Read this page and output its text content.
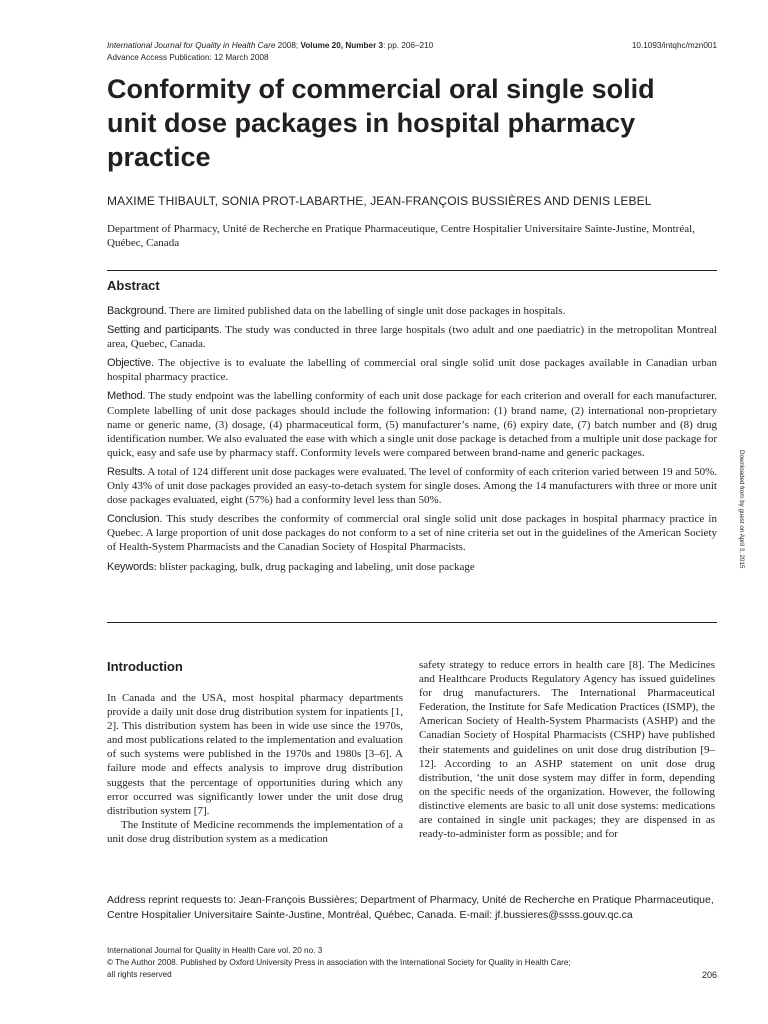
International Journal for Quality in Health Care 2008; Volume 20, Number 3: pp. 206–210	10.1093/intqhc/mzn001
Advance Access Publication: 12 March 2008
Conformity of commercial oral single solid unit dose packages in hospital pharmacy practice

MAXIME THIBAULT, SONIA PROT-LABARTHE, JEAN-FRANÇOIS BUSSIÈRES AND DENIS LEBEL

Department of Pharmacy, Unité de Recherche en Pratique Pharmaceutique, Centre Hospitalier Universitaire Sainte-Justine, Montréal, Québec, Canada

Abstract

Background. There are limited published data on the labelling of single unit dose packages in hospitals.

Setting and participants. The study was conducted in three large hospitals (two adult and one paediatric) in the metropolitan Montreal area, Quebec, Canada.

Objective. The objective is to evaluate the labelling of commercial oral single solid unit dose packages available in Canadian urban hospital pharmacy practice.

Method. The study endpoint was the labelling conformity of each unit dose package for each criterion and overall for each manufacturer. Complete labelling of unit dose packages should include the following information: (1) brand name, (2) international non-proprietary name or generic name, (3) dosage, (4) pharmaceutical form, (5) manufacturer’s name, (6) expiry date, (7) batch number and (8) drug identification number. We also evaluated the ease with which a single unit dose package is detached from a multiple unit dose package for quick, easy and safe use by pharmacy staff. Conformity levels were compared between brand-name and generic packages.

Results. A total of 124 different unit dose packages were evaluated. The level of conformity of each criterion varied between 19 and 50%. Only 43% of unit dose packages provided an easy-to-detach system for single doses. Among the 14 manufacturers with three or more unit dose packages evaluated, eight (57%) had a conformity level less than 50%.

Conclusion. This study describes the conformity of commercial oral single solid unit dose packages in hospital pharmacy practice in Quebec. A large proportion of unit dose packages do not conform to a set of nine criteria set out in the guidelines of the American Society of Health-System Pharmacists and the Canadian Society of Hospital Pharmacists.

Keywords: blister packaging, bulk, drug packaging and labeling, unit dose package

Introduction

In Canada and the USA, most hospital pharmacy departments provide a daily unit dose drug distribution system for inpatients [1, 2]. This distribution system has been in wide use since the 1970s, and most publications related to the implementation and evaluation of such systems were published in the 1970s and 1980s [3–6]. A failure mode and effects analysis to improve drug distribution suggests that the percentage of opportunities during which any error occurred was significantly lower under the unit dose drug distribution system [7].

The Institute of Medicine recommends the implementation of a unit dose drug distribution system as a medication

safety strategy to reduce errors in health care [8]. The Medicines and Healthcare Products Regulatory Agency has issued guidelines for drug manufacturers. The International Pharmaceutical Federation, the Institute for Safe Medication Practices (ISMP), the American Society of Health-System Pharmacists (ASHP) and the Canadian Society of Hospital Pharmacists (CSHP) have published their statements and guidelines on unit dose drug distribution [9–12]. According to an ASHP statement on unit dose drug distribution, ‘the unit dose system may differ in form, depending on the specific needs of the organization. However, the following distinctive elements are basic to all unit dose systems: medications are contained in single unit packages; they are dispensed in as ready-to-administer form as possible; and for

Address reprint requests to: Jean-François Bussières; Department of Pharmacy, Unité de Recherche en Pratique Pharmaceutique, Centre Hospitalier Universitaire Sainte-Justine, Montréal, Québec, Canada. E-mail: jf.bussieres@ssss.gouv.qc.ca

International Journal for Quality in Health Care vol. 20 no. 3
© The Author 2008. Published by Oxford University Press in association with the International Society for Quality in Health Care;
all rights reserved	206
Downloaded from by guest on April 3, 2015
